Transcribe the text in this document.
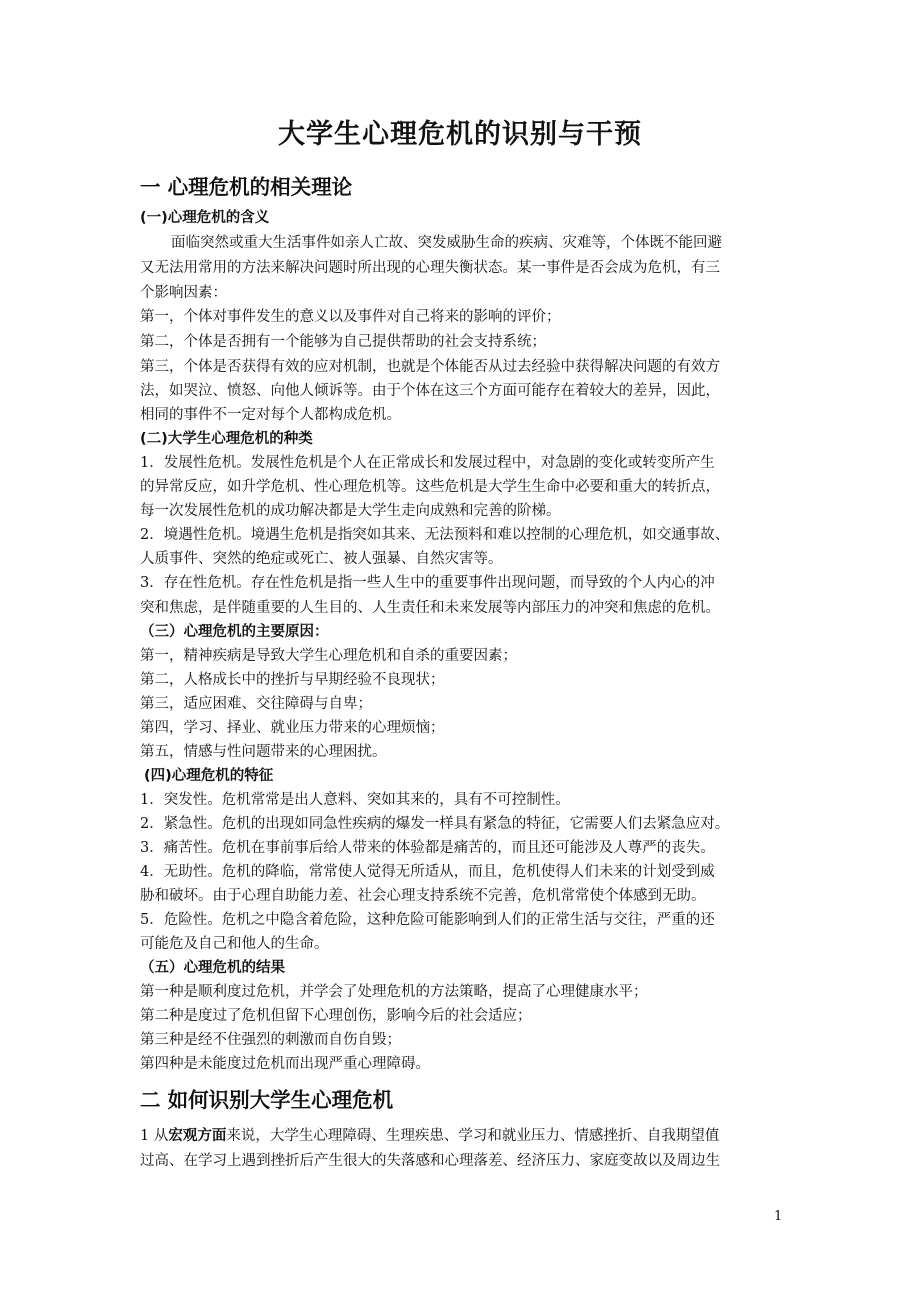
大学生心理危机的识别与干预
一 心理危机的相关理论
(一)心理危机的含义
面临突然或重大生活事件如亲人亡故、突发威胁生命的疾病、灾难等，个体既不能回避
又无法用常用的方法来解决问题时所出现的心理失衡状态。某一事件是否会成为危机，有三
个影响因素：
第一，个体对事件发生的意义以及事件对自己将来的影响的评价；
第二，个体是否拥有一个能够为自己提供帮助的社会支持系统；
第三，个体是否获得有效的应对机制，也就是个体能否从过去经验中获得解决问题的有效方
法，如哭泣、愤怒、向他人倾诉等。由于个体在这三个方面可能存在着较大的差异，因此，
相同的事件不一定对每个人都构成危机。
(二)大学生心理危机的种类
1．发展性危机。发展性危机是个人在正常成长和发展过程中，对急剧的变化或转变所产生
的异常反应，如升学危机、性心理危机等。这些危机是大学生生命中必要和重大的转折点，
每一次发展性危机的成功解决都是大学生走向成熟和完善的阶梯。
2．境遇性危机。境遇生危机是指突如其来、无法预料和难以控制的心理危机，如交通事故、
人质事件、突然的绝症或死亡、被人强暴、自然灾害等。
3．存在性危机。存在性危机是指一些人生中的重要事件出现问题，而导致的个人内心的冲
突和焦虑，是伴随重要的人生目的、人生责任和未来发展等内部压力的冲突和焦虑的危机。
（三）心理危机的主要原因：
第一，精神疾病是导致大学生心理危机和自杀的重要因素；
第二，人格成长中的挫折与早期经验不良现状；
第三，适应困难、交往障碍与自卑；
第四，学习、择业、就业压力带来的心理烦恼；
第五，情感与性问题带来的心理困扰。
(四)心理危机的特征
1．突发性。危机常常是出人意料、突如其来的，具有不可控制性。
2．紧急性。危机的出现如同急性疾病的爆发一样具有紧急的特征，它需要人们去紧急应对。
3．痛苦性。危机在事前事后给人带来的体验都是痛苦的，而且还可能涉及人尊严的丧失。
4．无助性。危机的降临，常常使人觉得无所适从，而且，危机使得人们未来的计划受到威
胁和破坏。由于心理自助能力差、社会心理支持系统不完善，危机常常使个体感到无助。
5．危险性。危机之中隐含着危险，这种危险可能影响到人们的正常生活与交往，严重的还
可能危及自己和他人的生命。
（五）心理危机的结果
第一种是顺利度过危机，并学会了处理危机的方法策略，提高了心理健康水平；
第二种是度过了危机但留下心理创伤，影响今后的社会适应；
第三种是经不住强烈的刺激而自伤自毁；
第四种是未能度过危机而出现严重心理障碍。
二 如何识别大学生心理危机
1 从宏观方面来说，大学生心理障碍、生理疾患、学习和就业压力、情感挫折、自我期望值
过高、在学习上遇到挫折后产生很大的失落感和心理落差、经济压力、家庭变故以及周边生
1
